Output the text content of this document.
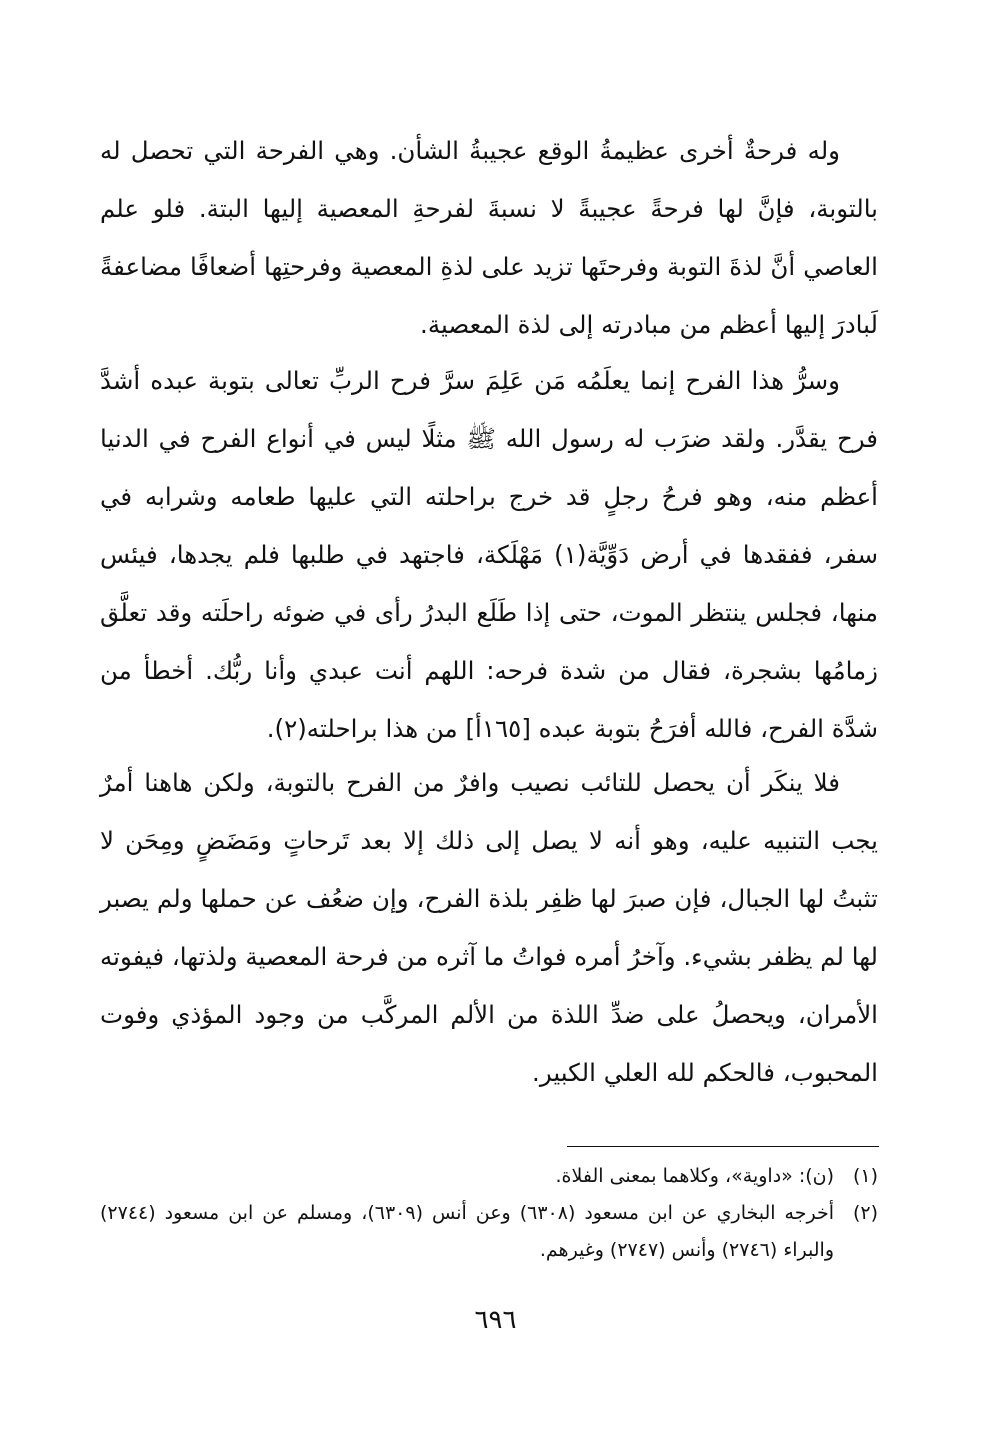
وله فرحةٌ أخرى عظيمةُ الوقع عجيبةُ الشأن. وهي الفرحة التي تحصل له بالتوبة، فإنَّ لها فرحةً عجيبةً لا نسبةَ لفرحةِ المعصية إليها البتة. فلو علم العاصي أنَّ لذةَ التوبة وفرحتَها تزيد على لذةِ المعصية وفرحتِها أضعافًا مضاعفةً لَبادرَ إليها أعظم من مبادرته إلى لذة المعصية.

وسرُّ هذا الفرح إنما يعلَمُه مَن عَلِمَ سرَّ فرح الربِّ تعالى بتوبة عبده أشدَّ فرح يقدَّر. ولقد ضرَب له رسول الله ﷺ مثلًا ليس في أنواع الفرح في الدنيا أعظم منه، وهو فرحُ رجلٍ قد خرج براحلته التي عليها طعامه وشرابه في سفر، ففقدها في أرض دَوِّيَّة(١) مَهْلَكة، فاجتهد في طلبها فلم يجدها، فيئس منها، فجلس ينتظر الموت، حتى إذا طَلَع البدرُ رأى في ضوئه راحلَته وقد تعلَّق زمامُها بشجرة، فقال من شدة فرحه: اللهم أنت عبدي وأنا ربُّك. أخطأ من شدَّة الفرح، فالله أفرَحُ بتوبة عبده [١٦٥أ] من هذا براحلته(٢).

فلا ينكَر أن يحصل للتائب نصيب وافرٌ من الفرح بالتوبة، ولكن هاهنا أمرٌ يجب التنبيه عليه، وهو أنه لا يصل إلى ذلك إلا بعد تَرحاتٍ ومَضَضٍ ومِحَن لا تثبتُ لها الجبال، فإن صبرَ لها ظفِر بلذة الفرح، وإن ضعُف عن حملها ولم يصبر لها لم يظفر بشيء. وآخرُ أمره فواتُ ما آثره من فرحة المعصية ولذتها، فيفوته الأمران، ويحصلُ على ضدِّ اللذة من الألم المركَّب من وجود المؤذي وفوت المحبوب، فالحكم لله العلي الكبير.

(١)
(ن): «داوية»، وكلاهما بمعنى الفلاة.
(٢)
أخرجه البخاري عن ابن مسعود (٦٣٠٨) وعن أنس (٦٣٠٩)، ومسلم عن ابن مسعود (٢٧٤٤) والبراء (٢٧٤٦) وأنس (٢٧٤٧) وغيرهم.
٦٩٦
